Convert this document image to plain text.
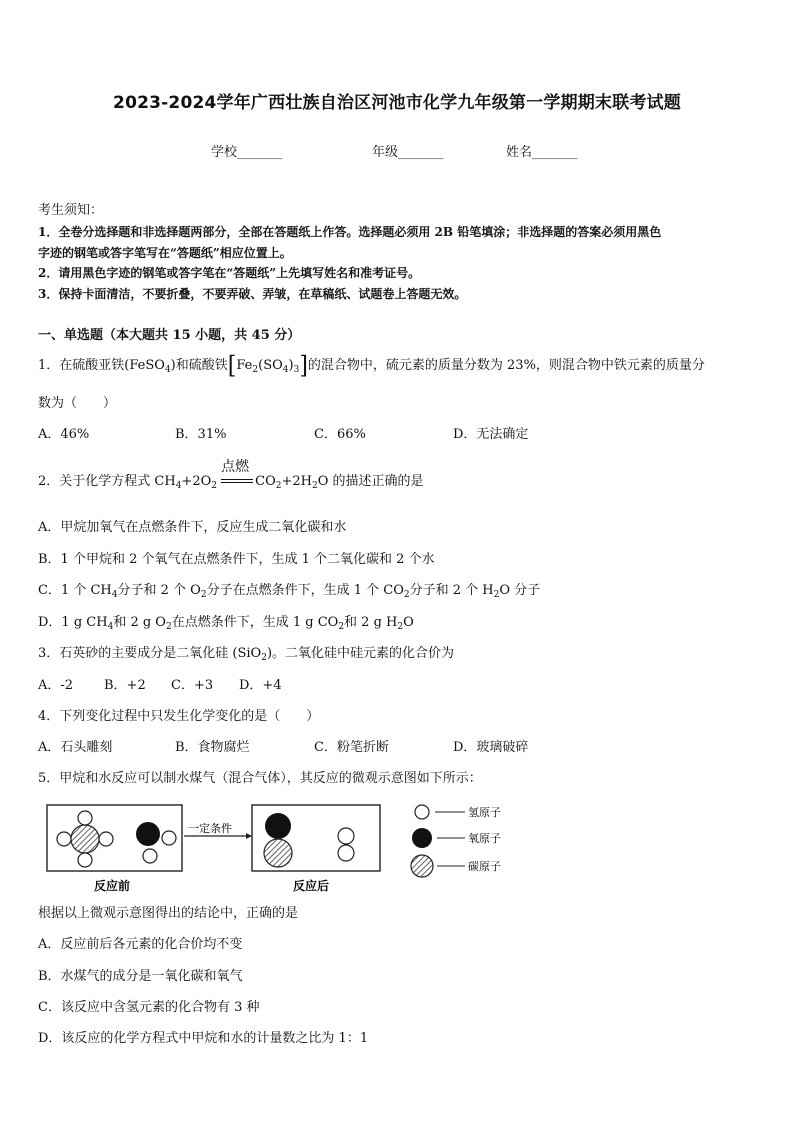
2023-2024学年广西壮族自治区河池市化学九年级第一学期期末联考试题
学校_______	年级_______	姓名_______
考生须知：
1．全卷分选择题和非选择题两部分，全部在答题纸上作答。选择题必须用 2B 铅笔填涂；非选择题的答案必须用黑色
字迹的钢笔或答字笔写在“答题纸”相应位置上。
2．请用黑色字迹的钢笔或答字笔在“答题纸”上先填写姓名和准考证号。
3．保持卡面清洁，不要折叠，不要弄破、弄皱，在草稿纸、试题卷上答题无效。
一、单选题（本大题共 15 小题，共 45 分）
1．在硫酸亚铁(FeSO$_4$)和硫酸铁$[Fe_2(SO_4)_3]$的混合物中，硫元素的质量分数为 23%，则混合物中铁元素的质量分
数为（　　）
A．46%	B．31%	C．66%	D．无法确定
2．关于化学方程式 $CH_4+2O_2$
点燃
$CO_2+2H_2O$ 的描述正确的是
A．甲烷加氧气在点燃条件下，反应生成二氧化碳和水
B．1 个甲烷和 2 个氧气在点燃条件下，生成 1 个二氧化碳和 2 个水
C．1 个 $CH_4$分子和 2 个 $O_2$分子在点燃条件下，生成 1 个 $CO_2$分子和 2 个 $H_2O$ 分子
D．1 g $CH_4$和 2 g $O_2$在点燃条件下，生成 1 g $CO_2$和 2 g $H_2O$
3．石英砂的主要成分是二氧化硅 (SiO$_2$)。二氧化硅中硅元素的化合价为
A．-2 B．+2 C．+3 D．+4
4．下列变化过程中只发生化学变化的是（　　）
A．石头雕刻	B．食物腐烂	C．粉笔折断	D．玻璃破碎
5．甲烷和水反应可以制水煤气（混合气体），其反应的微观示意图如下所示：
一定条件
反应前	反应后
氢原子
氧原子
碳原子
根据以上微观示意图得出的结论中，正确的是
A．反应前后各元素的化合价均不变
B．水煤气的成分是一氧化碳和氧气
C．该反应中含氢元素的化合物有 3 种
D．该反应的化学方程式中甲烷和水的计量数之比为 1：1
